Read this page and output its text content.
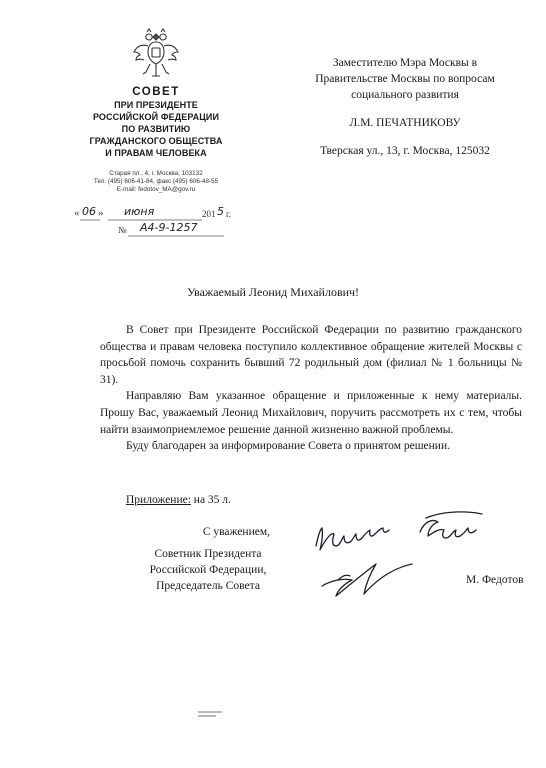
СОВЕТ
ПРИ ПРЕЗИДЕНТЕ
РОССИЙСКОЙ ФЕДЕРАЦИИ
ПО РАЗВИТИЮ
ГРАЖДАНСКОГО ОБЩЕСТВА
И ПРАВАМ ЧЕЛОВЕКА
Старая пл., 4, г. Москва, 103132
Тел. (495) 606-41-84, факс (495) 606-48-55
E-mail: fedotov_MA@gov.ru
« 06 » июня	201 5 г.
№ А4-9-1257
Заместителю Мэра Москвы в
Правительстве Москвы по вопросам
социального развития
Л.М. ПЕЧАТНИКОВУ
Тверская ул., 13, г. Москва, 125032
Уважаемый Леонид Михайлович!

В Совет при Президенте Российской Федерации по развитию гражданского общества и правам человека поступило коллективное обращение жителей Москвы с просьбой помочь сохранить бывший 72 родильный дом (филиал № 1 больницы № 31).

Направляю Вам указанное обращение и приложенные к нему материалы. Прошу Вас, уважаемый Леонид Михайлович, поручить рассмотреть их с тем, чтобы найти взаимоприемлемое решение данной жизненно важной проблемы.

Буду благодарен за информирование Совета о принятом решении.

Приложение: на 35 л.
С уважением,
Советник Президента
Российской Федерации,
Председатель Совета	М. Федотов
